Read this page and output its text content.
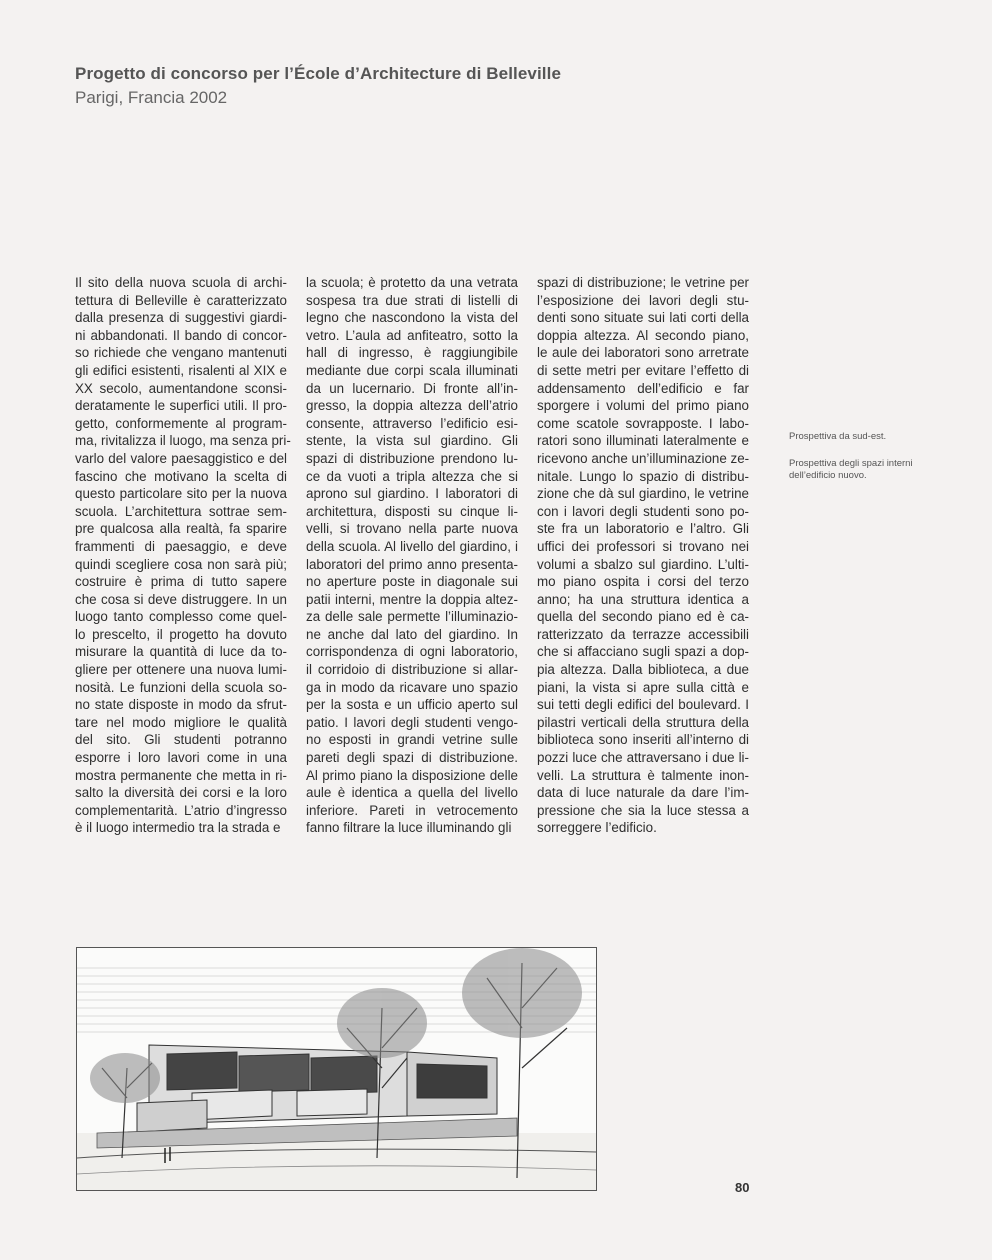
Progetto di concorso per l’École d’Architecture di Belleville
Parigi, Francia 2002
Il sito della nuova scuola di archi-
tettura di Belleville è caratterizzato
dalla presenza di suggestivi giardi-
ni abbandonati. Il bando di concor-
so richiede che vengano mantenuti
gli edifici esistenti, risalenti al XIX e
XX secolo, aumentandone sconsi-
deratamente le superfici utili. Il pro-
getto, conformemente al program-
ma, rivitalizza il luogo, ma senza pri-
varlo del valore paesaggistico e del
fascino che motivano la scelta di
questo particolare sito per la nuova
scuola. L’architettura sottrae sem-
pre qualcosa alla realtà, fa sparire
frammenti di paesaggio, e deve
quindi scegliere cosa non sarà più;
costruire è prima di tutto sapere
che cosa si deve distruggere. In un
luogo tanto complesso come quel-
lo prescelto, il progetto ha dovuto
misurare la quantità di luce da to-
gliere per ottenere una nuova lumi-
nosità. Le funzioni della scuola so-
no state disposte in modo da sfrut-
tare nel modo migliore le qualità
del sito. Gli studenti potranno
esporre i loro lavori come in una
mostra permanente che metta in ri-
salto la diversità dei corsi e la loro
complementarità. L’atrio d’ingresso
è il luogo intermedio tra la strada e
la scuola; è protetto da una vetrata
sospesa tra due strati di listelli di
legno che nascondono la vista del
vetro. L’aula ad anfiteatro, sotto la
hall di ingresso, è raggiungibile
mediante due corpi scala illuminati
da un lucernario. Di fronte all’in-
gresso, la doppia altezza dell’atrio
consente, attraverso l’edificio esi-
stente, la vista sul giardino. Gli
spazi di distribuzione prendono lu-
ce da vuoti a tripla altezza che si
aprono sul giardino. I laboratori di
architettura, disposti su cinque li-
velli, si trovano nella parte nuova
della scuola. Al livello del giardino, i
laboratori del primo anno presenta-
no aperture poste in diagonale sui
patii interni, mentre la doppia altez-
za delle sale permette l’illuminazio-
ne anche dal lato del giardino. In
corrispondenza di ogni laboratorio,
il corridoio di distribuzione si allar-
ga in modo da ricavare uno spazio
per la sosta e un ufficio aperto sul
patio. I lavori degli studenti vengo-
no esposti in grandi vetrine sulle
pareti degli spazi di distribuzione.
Al primo piano la disposizione delle
aule è identica a quella del livello
inferiore. Pareti in vetrocemento
fanno filtrare la luce illuminando gli
spazi di distribuzione; le vetrine per
l’esposizione dei lavori degli stu-
denti sono situate sui lati corti della
doppia altezza. Al secondo piano,
le aule dei laboratori sono arretrate
di sette metri per evitare l’effetto di
addensamento dell’edificio e far
sporgere i volumi del primo piano
come scatole sovrapposte. I labo-
ratori sono illuminati lateralmente e
ricevono anche un’illuminazione ze-
nitale. Lungo lo spazio di distribu-
zione che dà sul giardino, le vetrine
con i lavori degli studenti sono po-
ste fra un laboratorio e l’altro. Gli
uffici dei professori si trovano nei
volumi a sbalzo sul giardino. L’ulti-
mo piano ospita i corsi del terzo
anno; ha una struttura identica a
quella del secondo piano ed è ca-
ratterizzato da terrazze accessibili
che si affacciano sugli spazi a dop-
pia altezza. Dalla biblioteca, a due
piani, la vista si apre sulla città e
sui tetti degli edifici del boulevard. I
pilastri verticali della struttura della
biblioteca sono inseriti all’interno di
pozzi luce che attraversano i due li-
velli. La struttura è talmente inon-
data di luce naturale da dare l’im-
pressione che sia la luce stessa a
sorreggere l’edificio.
Prospettiva da sud-est.
Prospettiva degli spazi interni dell’edificio nuovo.
80
